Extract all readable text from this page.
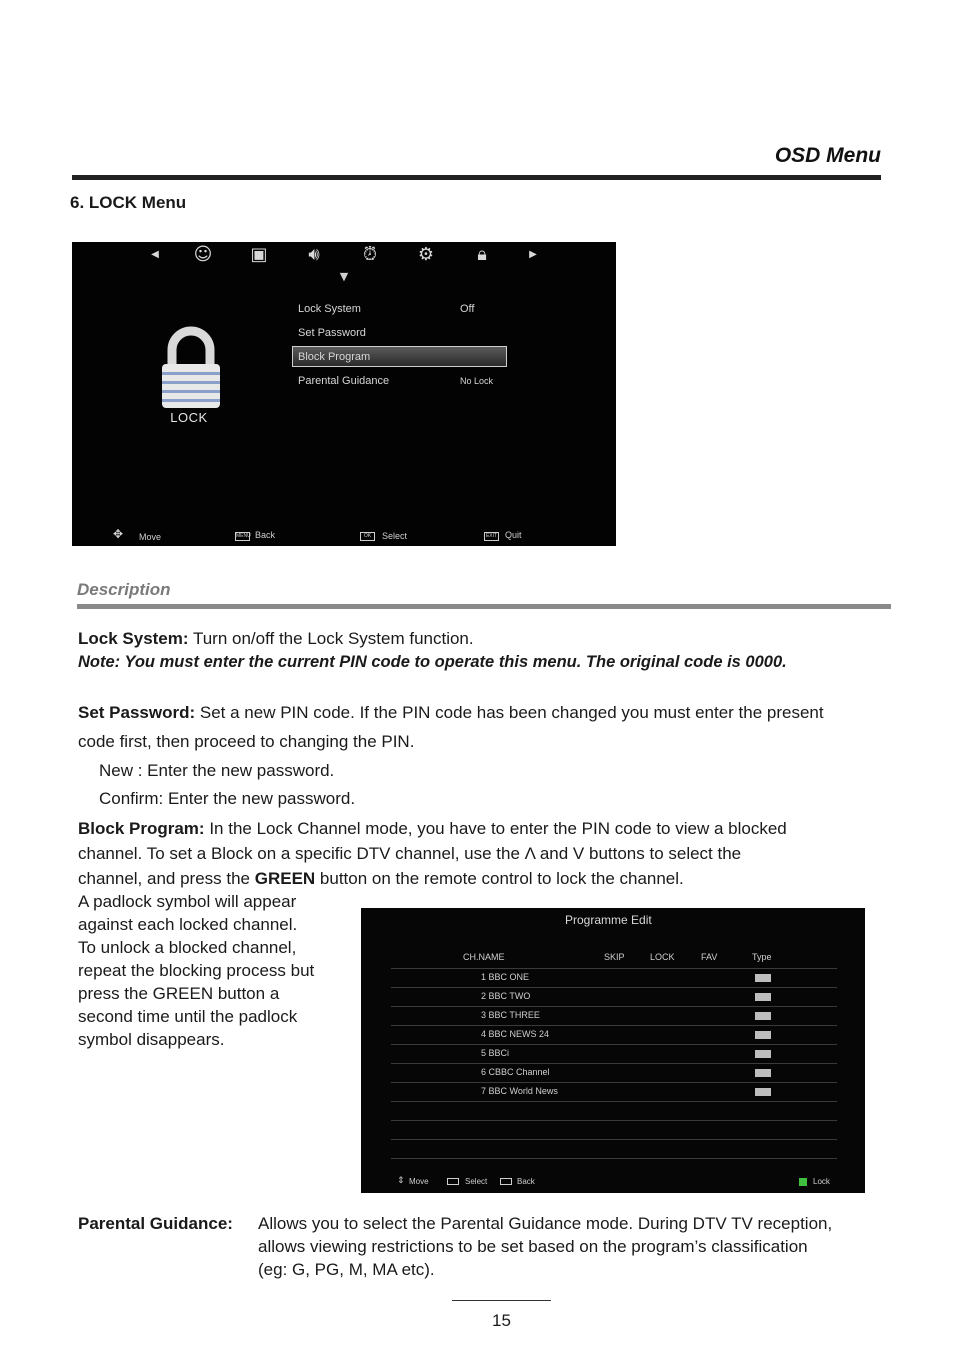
OSD Menu
6. LOCK Menu
◀	☺ ▣ 🔊︎ ⏰︎ ⚙	🔒︎	▶
▼
LOCK
Lock System	Off
Set Password
Block Program
Parental Guidance	No Lock
✥	Move	MENU Back	OK	Select	EXIT Quit
Description
Lock System: Turn on/off the Lock System function.
Note: You must enter the current PIN code to operate this menu. The original code is 0000.
Set Password: Set a new PIN code. If the PIN code has been changed you must enter the present
code first, then proceed to changing the PIN.
New : Enter the new password.
Confirm: Enter the new password.
Block Program: In the Lock Channel mode, you have to enter the PIN code to view a blocked
channel. To set a Block on a specific DTV channel, use the Λ and V buttons to select the
channel, and press the GREEN button on the remote control to lock the channel.
A padlock symbol will appear
against each locked channel.
To unlock a blocked channel,
repeat the blocking process but
press the GREEN button a
second time until the padlock
symbol disappears.
Programme Edit
CH.NAME	SKIP	LOCK	FAV	Type
1 BBC ONE
2 BBC TWO
3 BBC THREE
4 BBC NEWS 24
5 BBCi
6 CBBC Channel
7 BBC World News
⇕ Move	Select	Back	Lock
Parental Guidance: Allows you to select the Parental Guidance mode. During DTV TV reception,
allows viewing restrictions to be set based on the program’s classification
(eg: G, PG, M, MA etc).
15
